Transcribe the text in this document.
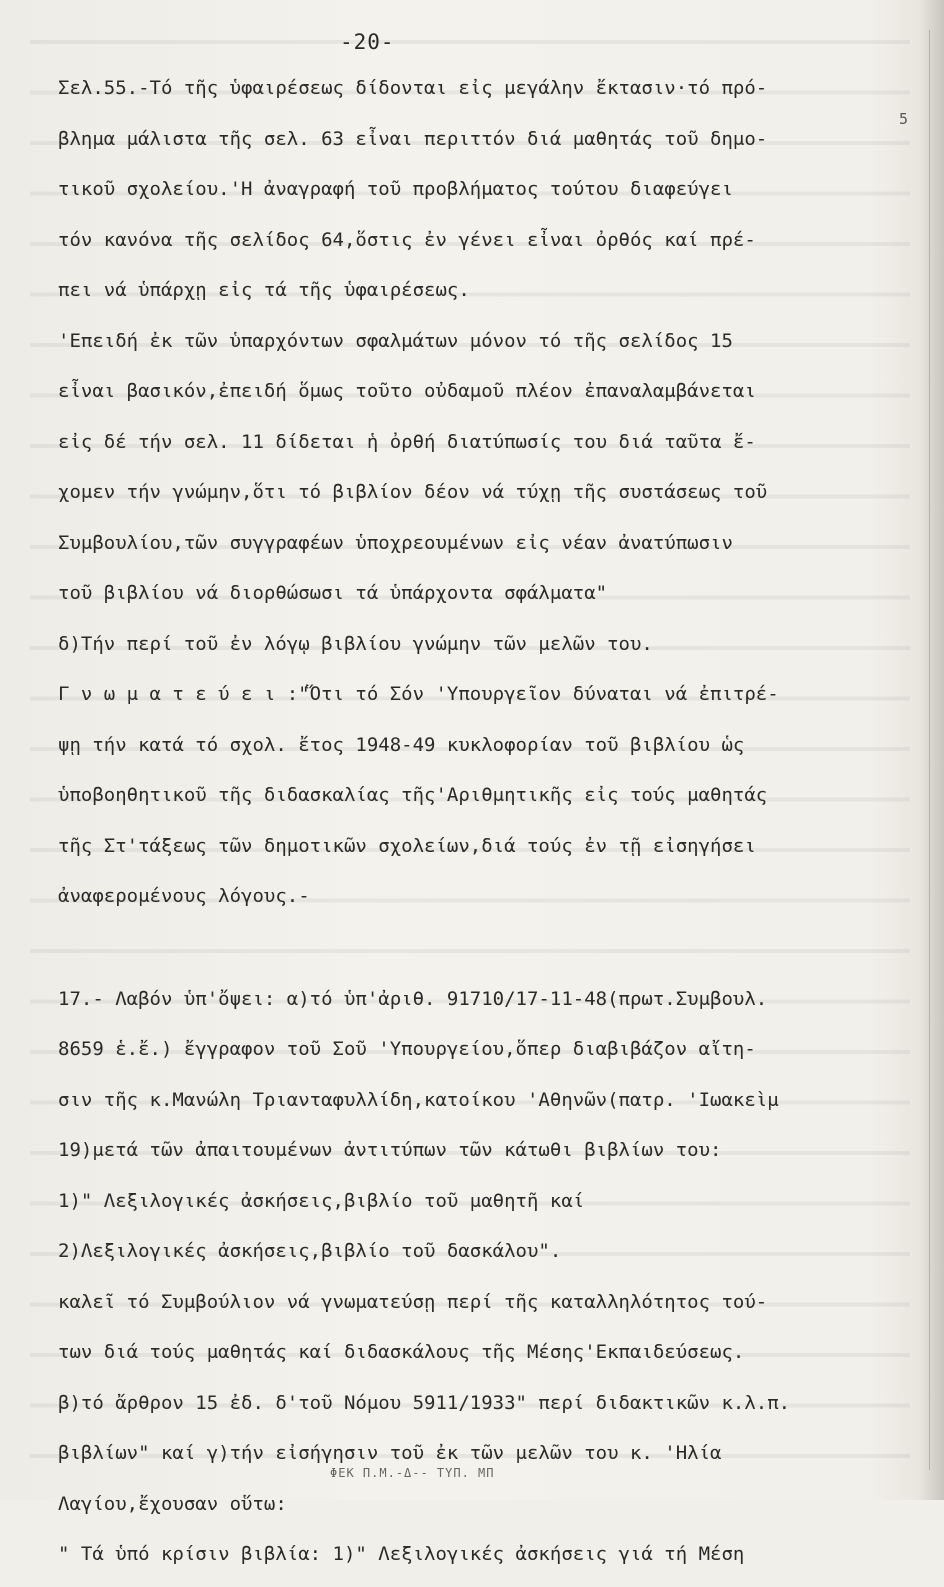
-20-
5
Σελ.55.-Τό τῆς ὑφαιρέσεως δίδονται εἰς μεγάλην ἔκτασιν·τό πρό-
βλημα μάλιστα τῆς σελ. 63 εἶναι περιττόν διά μαθητάς τοῦ δημο-
τικοῦ σχολείου.'Η ἀναγραφή τοῦ προβλήματος τούτου διαφεύγει
τόν κανόνα τῆς σελίδος 64,ὅστις ἐν γένει εἶναι ὀρθός καί πρέ-
πει νά ὑπάρχῃ εἰς τά τῆς ὑφαιρέσεως.
'Επειδή ἐκ τῶν ὑπαρχόντων σφαλμάτων μόνον τό τῆς σελίδος 15
εἶναι βασικόν,ἐπειδή ὅμως τοῦτο οὐδαμοῦ πλέον ἐπαναλαμβάνεται
εἰς δέ τήν σελ. 11 δίδεται ἡ ὀρθή διατύπωσίς του διά ταῦτα ἔ-
χομεν τήν γνώμην,ὅτι τό βιβλίον δέον νά τύχῃ τῆς συστάσεως τοῦ
Συμβουλίου,τῶν συγγραφέων ὑποχρεουμένων εἰς νέαν ἀνατύπωσιν
τοῦ βιβλίου νά διορθώσωσι τά ὑπάρχοντα σφάλματα"
δ)Τήν περί τοῦ ἐν λόγῳ βιβλίου γνώμην τῶν μελῶν του.
Γ ν ω μ α τ ε ύ ε ι :"Ὅτι τό Σόν 'Υπουργεῖον δύναται νά ἐπιτρέ-
ψῃ τήν κατά τό σχολ. ἔτος 1948-49 κυκλοφορίαν τοῦ βιβλίου ὡς
ὑποβοηθητικοῦ τῆς διδασκαλίας τῆς'Αριθμητικῆς εἰς τούς μαθητάς
τῆς Στ'τάξεως τῶν δημοτικῶν σχολείων,διά τούς ἐν τῇ εἰσηγήσει
ἀναφερομένους λόγους.-
17.- Λαβόν ὑπ'ὄψει: α)τό ὑπ'ἀριθ. 91710/17-11-48(πρωτ.Συμβουλ.
8659 ἑ.ἔ.) ἔγγραφον τοῦ Σοῦ 'Υπουργείου,ὅπερ διαβιβάζον αἴτη-
σιν τῆς κ.Μανώλη Τριανταφυλλίδη,κατοίκου 'Αθηνῶν(πατρ. 'Ιωακεὶμ
19)μετά τῶν ἀπαιτουμένων ἀντιτύπων τῶν κάτωθι βιβλίων του:
1)" Λεξιλογικές ἀσκήσεις,βιβλίο τοῦ μαθητῆ καί
2)Λεξιλογικές ἀσκήσεις,βιβλίο τοῦ δασκάλου".
καλεῖ τό Συμβούλιον νά γνωματεύσῃ περί τῆς καταλληλότητος τού-
των διά τούς μαθητάς καί διδασκάλους τῆς Μέσης'Εκπαιδεύσεως.
β)τό ἄρθρον 15 ἐδ. δ'τοῦ Νόμου 5911/1933" περί διδακτικῶν κ.λ.π.
βιβλίων" καί γ)τήν εἰσήγησιν τοῦ ἐκ τῶν μελῶν του κ. 'Ηλία
Λαγίου,ἔχουσαν οὕτω:
" Τά ὑπό κρίσιν βιβλία: 1)" Λεξιλογικές ἀσκήσεις γιά τή Μέση
ΦΕΚ Π.Μ.-Δ-- ΤΥΠ. ΜΠ
